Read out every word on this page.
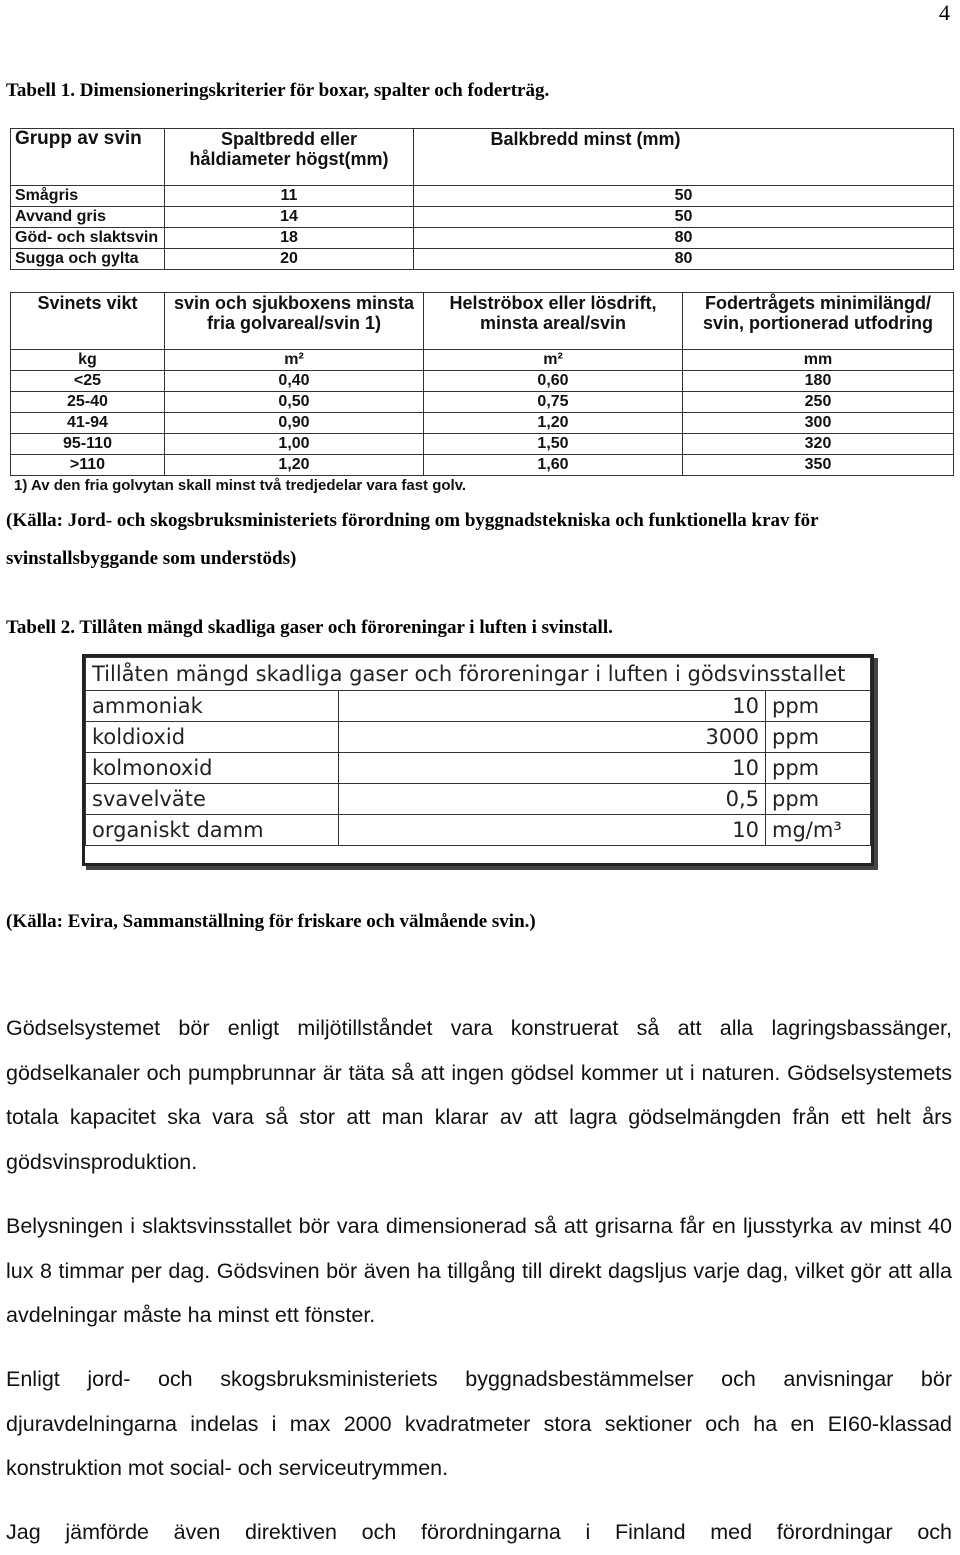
4
Tabell 1. Dimensioneringskriterier för boxar, spalter och foderträg.
Grupp av svin	Spaltbredd eller håldiameter högst(mm)	Balkbredd minst (mm)
Smågris	11	50
Avvand gris	14	50
Göd- och slaktsvin	18	80
Sugga och gylta	20	80
Svinets vikt	svin och sjukboxens minsta fria golvareal/svin 1)	Helströbox eller lösdrift, minsta areal/svin	Fodertrågets minimilängd/ svin, portionerad utfodring
kg	m²	m²	mm
<25	0,40	0,60	180
25-40	0,50	0,75	250
41-94	0,90	1,20	300
95-110	1,00	1,50	320
>110	1,20	1,60	350
1) Av den fria golvytan skall minst två tredjedelar vara fast golv.
(Källa: Jord- och skogsbruksministeriets förordning om byggnadstekniska och funktionella krav för svinstallsbyggande som understöds)
Tabell 2. Tillåten mängd skadliga gaser och föroreningar i luften i svinstall.
Tillåten mängd skadliga gaser och föroreningar i luften i gödsvinsstallet		
ammoniak	10	ppm
koldioxid	3000	ppm
kolmonoxid	10	ppm
svavelväte	0,5	ppm
organiskt damm	10	mg/m³
(Källa: Evira, Sammanställning för friskare och välmående svin.)
Gödselsystemet bör enligt miljötillståndet vara konstruerat så att alla lagringsbassänger, gödselkanaler och pumpbrunnar är täta så att ingen gödsel kommer ut i naturen. Gödselsystemets totala kapacitet ska vara så stor att man klarar av att lagra gödselmängden från ett helt års gödsvinsproduktion.
Belysningen i slaktsvinsstallet bör vara dimensionerad så att grisarna får en ljusstyrka av minst 40 lux 8 timmar per dag. Gödsvinen bör även ha tillgång till direkt dagsljus varje dag, vilket gör att alla avdelningar måste ha minst ett fönster.
Enligt jord- och skogsbruksministeriets byggnadsbestämmelser och anvisningar bör djuravdelningarna indelas i max 2000 kvadratmeter stora sektioner och ha en EI60-klassad konstruktion mot social- och serviceutrymmen.
Jag jämförde även direktiven och förordningarna i Finland med förordningar och
